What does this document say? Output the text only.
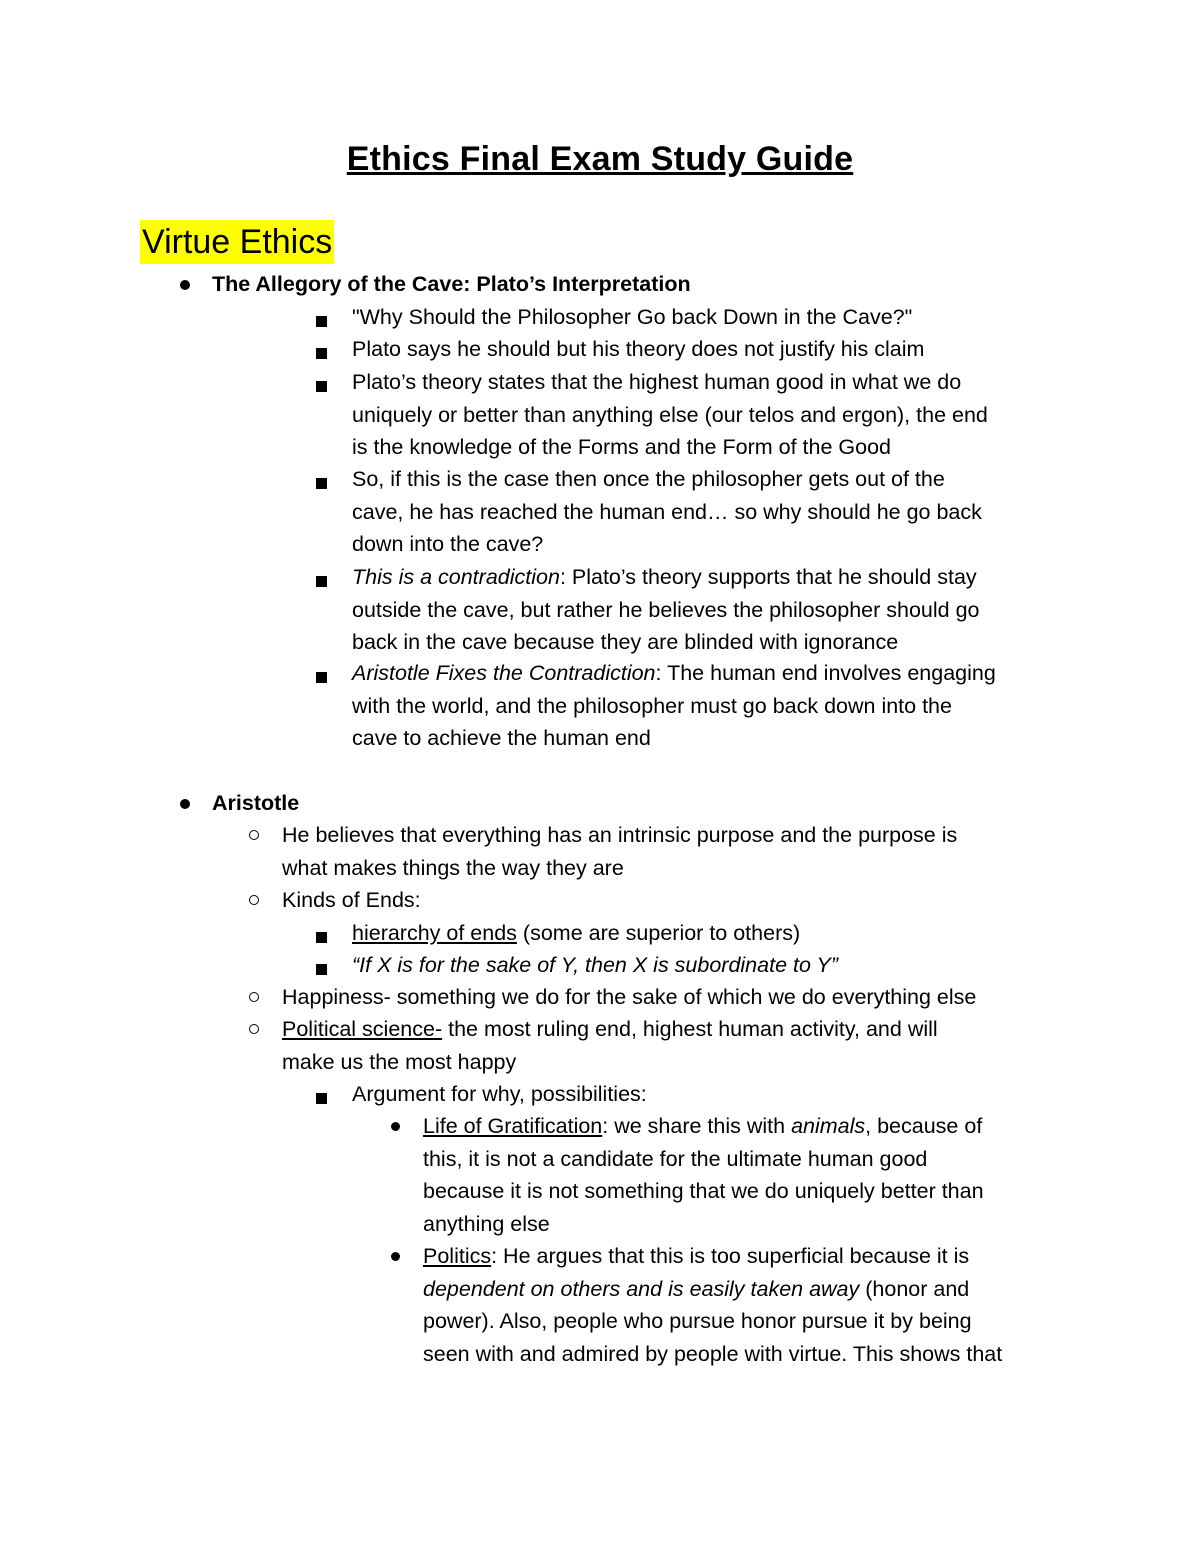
Ethics Final Exam Study Guide
Virtue Ethics
The Allegory of the Cave: Plato’s Interpretation
"Why Should the Philosopher Go back Down in the Cave?"
Plato says he should but his theory does not justify his claim
Plato’s theory states that the highest human good in what we do
uniquely or better than anything else (our telos and ergon), the end
is the knowledge of the Forms and the Form of the Good
So, if this is the case then once the philosopher gets out of the
cave, he has reached the human end… so why should he go back
down into the cave?
This is a contradiction: Plato’s theory supports that he should stay
outside the cave, but rather he believes the philosopher should go
back in the cave because they are blinded with ignorance
Aristotle Fixes the Contradiction: The human end involves engaging
with the world, and the philosopher must go back down into the
cave to achieve the human end
Aristotle
He believes that everything has an intrinsic purpose and the purpose is
what makes things the way they are
Kinds of Ends:
hierarchy of ends (some are superior to others)
“If X is for the sake of Y, then X is subordinate to Y”
Happiness- something we do for the sake of which we do everything else
Political science- the most ruling end, highest human activity, and will
make us the most happy
Argument for why, possibilities:
Life of Gratification: we share this with animals, because of
this, it is not a candidate for the ultimate human good
because it is not something that we do uniquely better than
anything else
Politics: He argues that this is too superficial because it is
dependent on others and is easily taken away (honor and
power). Also, people who pursue honor pursue it by being
seen with and admired by people with virtue. This shows that
